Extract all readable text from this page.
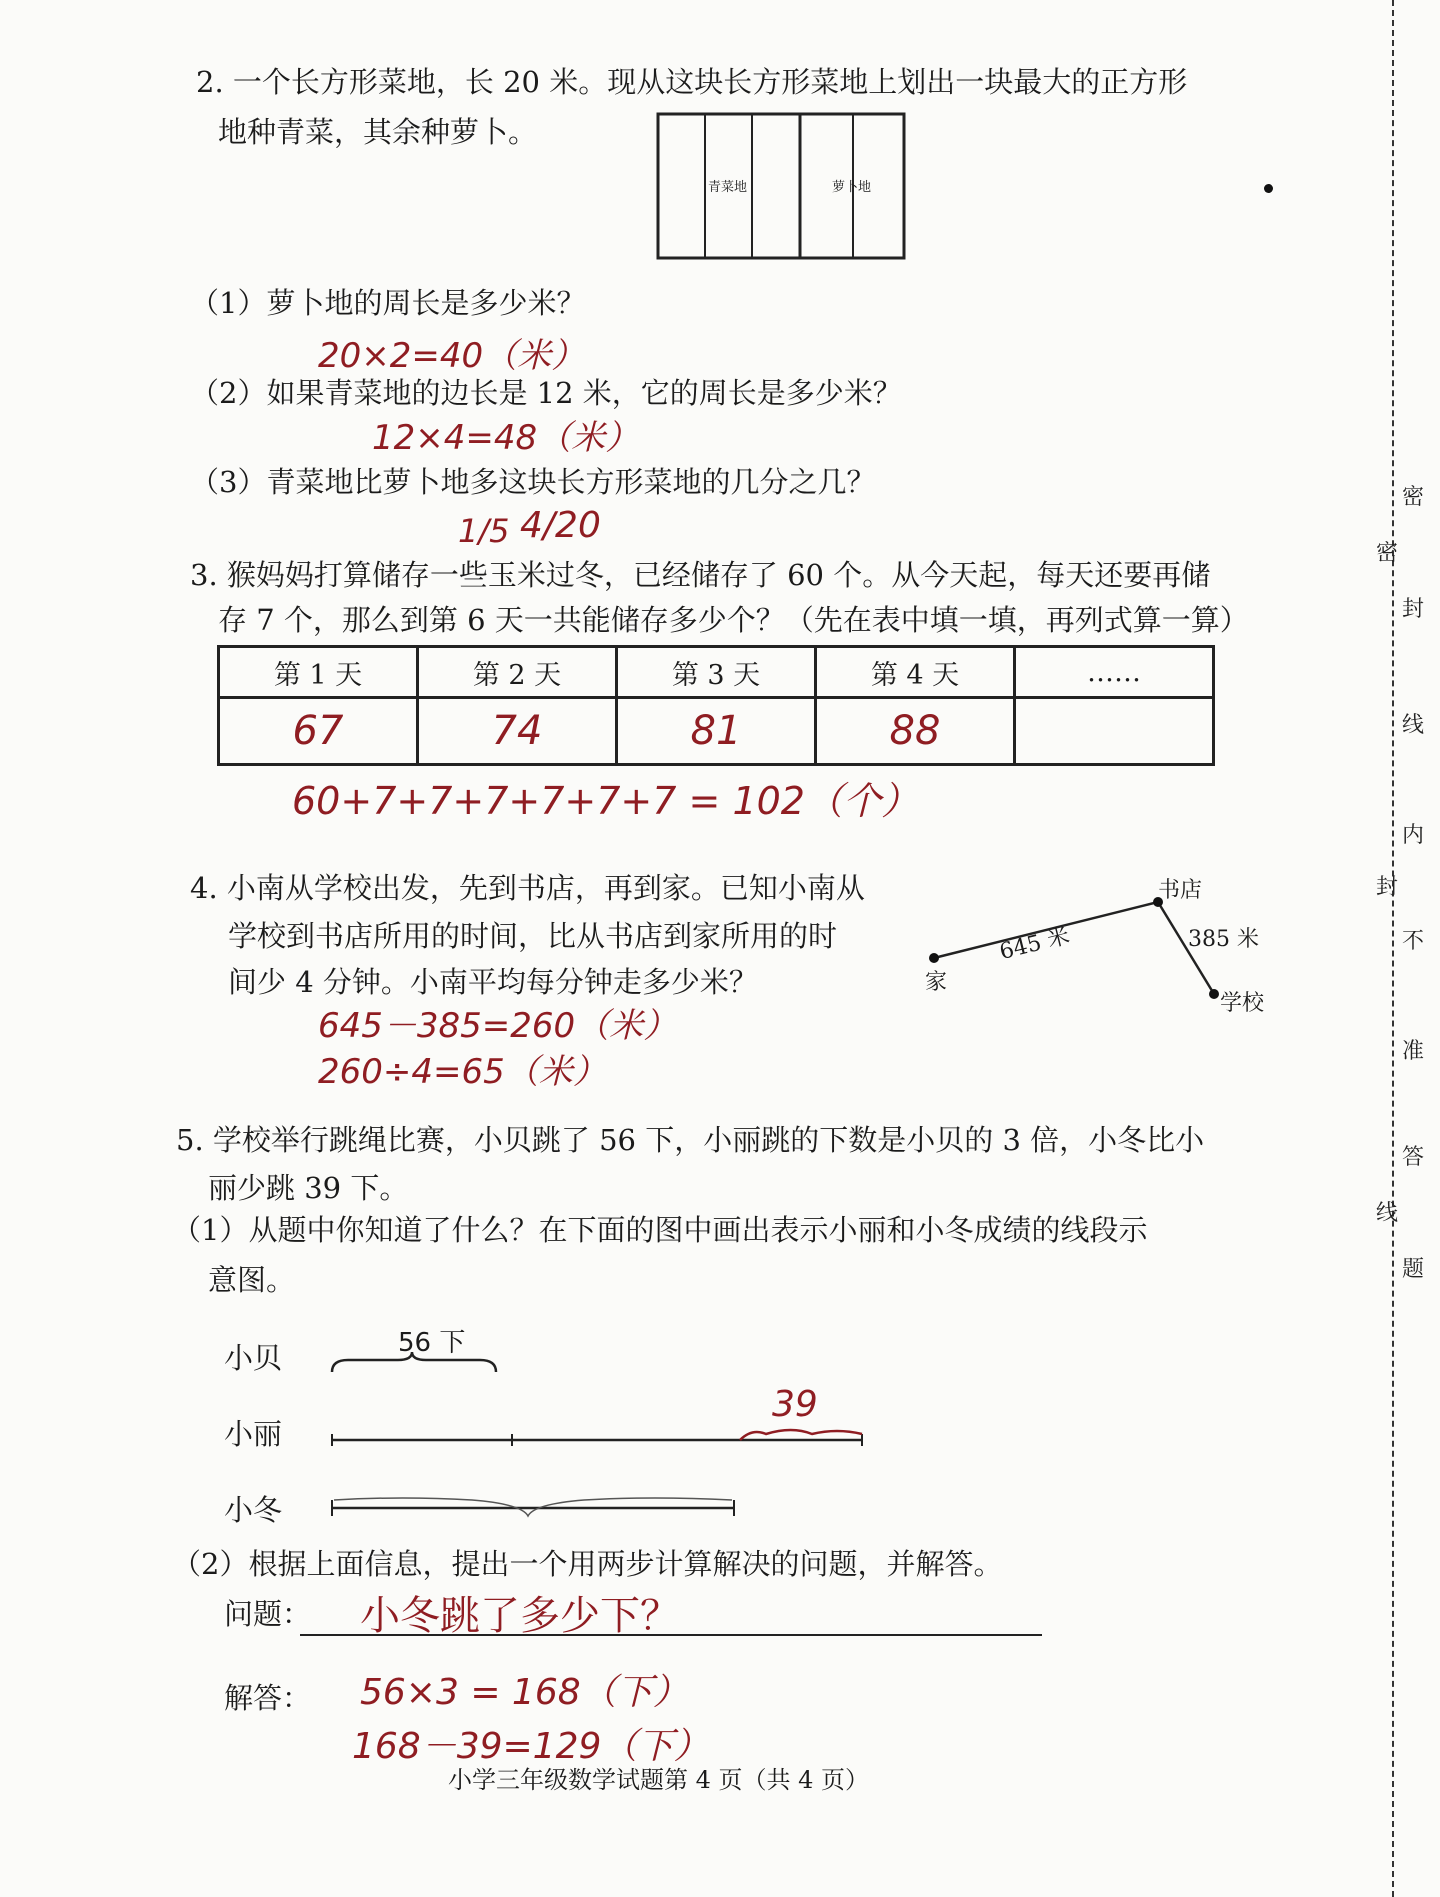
2. 一个长方形菜地，长 20 米。现从这块长方形菜地上划出一块最大的正方形
地种青菜，其余种萝卜。
青菜地	萝卜地
（1）萝卜地的周长是多少米？
20×2=40（米）
（2）如果青菜地的边长是 12 米，它的周长是多少米？
12×4=48（米）
（3）青菜地比萝卜地多这块长方形菜地的几分之几？
1/5 4/20
3. 猴妈妈打算储存一些玉米过冬，已经储存了 60 个。从今天起，每天还要再储
存 7 个，那么到第 6 天一共能储存多少个？（先在表中填一填，再列式算一算）
第 1 天	第 2 天	第 3 天	第 4 天	……
67	74	81	88	
60+7+7+7+7+7+7 = 102（个）
4. 小南从学校出发，先到书店，再到家。已知小南从
学校到书店所用的时间，比从书店到家所用的时
间少 4 分钟。小南平均每分钟走多少米？	家
书店
学校
645 米	385 米
645－385=260（米）
260÷4=65（米）
5. 学校举行跳绳比赛，小贝跳了 56 下，小丽跳的下数是小贝的 3 倍，小冬比小
丽少跳 39 下。
（1）从题中你知道了什么？在下面的图中画出表示小丽和小冬成绩的线段示
意图。
小贝
小丽
小冬
56 下
39
（2）根据上面信息，提出一个用两步计算解决的问题，并解答。
问题： 小冬跳了多少下？
解答： 56×3 = 168（下）
168－39=129（下）
小学三年级数学试题第 4 页（共 4 页）
密
密
封
线
内
封
不
准
答
线
题
